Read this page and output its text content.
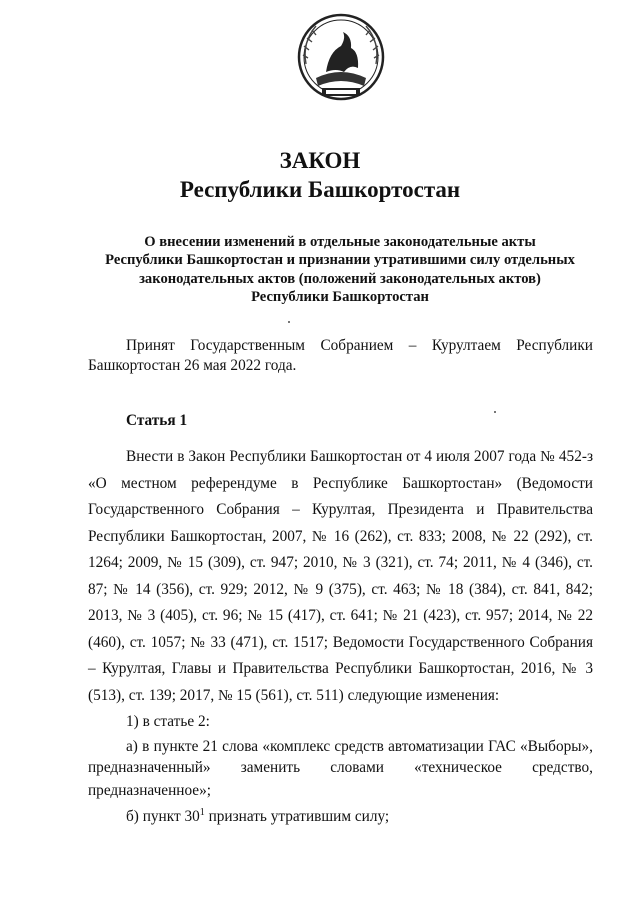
ЗАКОН
Республики Башкортостан
О внесении изменений в отдельные законодательные акты
Республики Башкортостан и признании утратившими силу отдельных
законодательных актов (положений законодательных актов)
Республики Башкортостан
Принят Государственным Собранием – Курултаем Республики
Башкортостан 26 мая 2022 года.
Статья 1

Внести в Закон Республики Башкортостан от 4 июля 2007 года № 452-з «О местном референдуме в Республике Башкортостан» (Ведомости Государственного Собрания – Курултая, Президента и Правительства Республики Башкортостан, 2007, № 16 (262), ст. 833; 2008, № 22 (292), ст. 1264; 2009, № 15 (309), ст. 947; 2010, № 3 (321), ст. 74; 2011, № 4 (346), ст. 87; № 14 (356), ст. 929; 2012, № 9 (375), ст. 463; № 18 (384), ст. 841, 842; 2013, № 3 (405), ст. 96; № 15 (417), ст. 641; № 21 (423), ст. 957; 2014, № 22 (460), ст. 1057; № 33 (471), ст. 1517; Ведомости Государственного Собрания – Курултая, Главы и Правительства Республики Башкортостан, 2016, № 3 (513), ст. 139; 2017, № 15 (561), ст. 511) следующие изменения:

1) в статье 2:

а) в пункте 21 слова «комплекс средств автоматизации ГАС «Выборы», предназначенный» заменить словами «техническое средство,

предназначенное»;

б) пункт $30^1$ признать утратившим силу;
